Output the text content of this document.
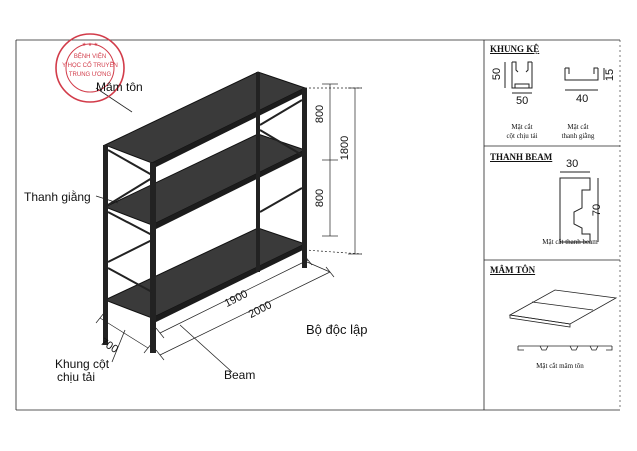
★ ★ ★
BỆNH VIỆN
Y HỌC CỔ TRUYỀN
TRUNG ƯƠNG
Mâm tôn
Thanh giằng
Khung cột
chịu tải	Beam
Bộ độc lập
800
800
1800
1900
2000
700
KHUNG KỆ
50
50	40
15
Mặt cắt
cột chịu tải
Mặt cắt
thanh giằng
THANH BEAM
30
70
Mặt cắt thanh beam
MÂM TÔN
Mặt cắt mâm tôn
